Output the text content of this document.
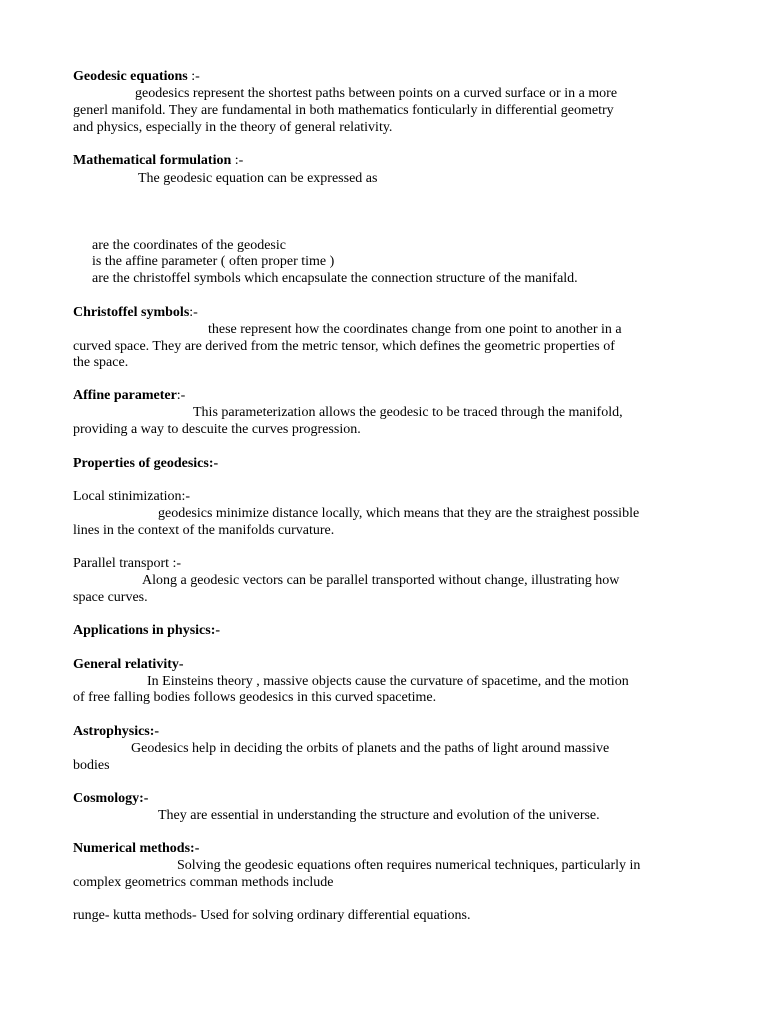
Geodesic equations :-
geodesics represent the shortest paths between points on a curved surface or in a more
generl manifold. They are fundamental in both mathematics fonticularly in differential geometry
and physics, especially in the theory of general relativity.
Mathematical formulation :-
The geodesic equation can be expressed as
are the coordinates of the geodesic
is the affine parameter ( often proper time )
are the christoffel symbols which encapsulate the connection structure of the manifald.
Christoffel symbols:-
these represent how the coordinates change from one point to another in a
curved space. They are derived from the metric tensor, which defines the geometric properties of
the space.
Affine parameter:-
This parameterization allows the geodesic to be traced through the manifold,
providing a way to descuite the curves progression.
Properties of geodesics:-
Local stinimization:-
geodesics minimize distance locally, which means that they are the straighest possible
lines in the context of the manifolds curvature.
Parallel transport :-
Along a geodesic vectors can be parallel transported without change, illustrating how
space curves.
Applications in physics:-
General relativity-
In Einsteins theory , massive objects cause the curvature of spacetime, and the motion
of free falling bodies follows geodesics in this curved spacetime.
Astrophysics:-
Geodesics help in deciding the orbits of planets and the paths of light around massive
bodies
Cosmology:-
They are essential in understanding the structure and evolution of the universe.
Numerical methods:-
Solving the geodesic equations often requires numerical techniques, particularly in
complex geometrics comman methods include
runge- kutta methods- Used for solving ordinary differential equations.
